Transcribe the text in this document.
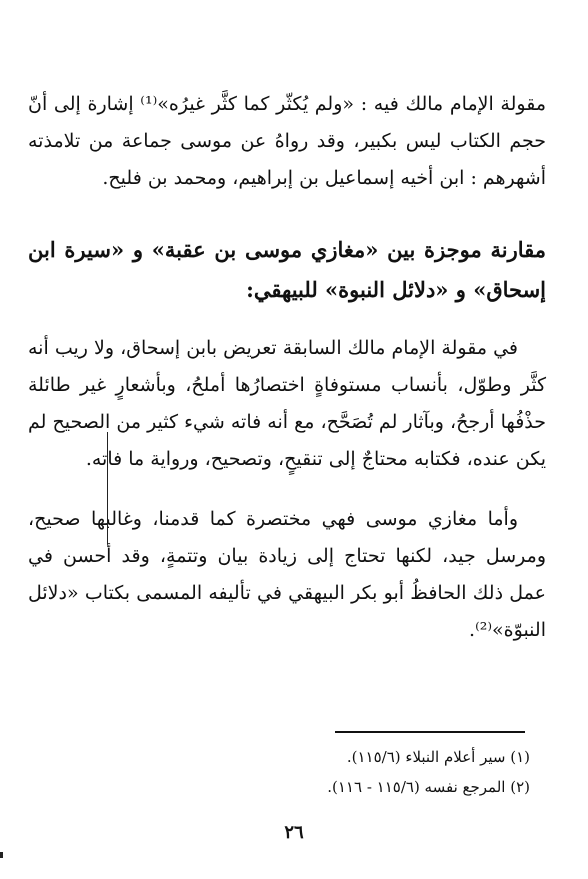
مقولة الإمام مالك فيه : «ولم يُكثّر كما كثَّر غيرُه»⁽¹⁾ إشارة إلى أنّ حجم الكتاب ليس بكبير، وقد رواهُ عن موسى جماعة من تلامذته أشهرهم : ابن أخيه إسماعيل بن إبراهيم، ومحمد بن فليح.

مقارنة موجزة بين «مغازي موسى بن عقبة» و «سيرة ابن إسحاق» و «دلائل النبوة» للبيهقي:

في مقولة الإمام مالك السابقة تعريض بابن إسحاق، ولا ريب أنه كثَّر وطوّل، بأنساب مستوفاةٍ اختصارُها أملحُ، وبأشعارٍ غير طائلة حذْفُها أرجحُ، وبآثار لم تُصَحَّح، مع أنه فاته شيء كثير من الصحيح لم يكن عنده، فكتابه محتاجٌ إلى تنقيحٍ، وتصحيح، ورواية ما فاته.

وأما مغازي موسى فهي مختصرة كما قدمنا، وغالبها صحيح، ومرسل جيد، لكنها تحتاج إلى زيادة بيان وتتمةٍ، وقد أحسن في عمل ذلك الحافظُ أبو بكر البيهقي في تأليفه المسمى بكتاب «دلائل النبوّة»⁽²⁾.

(١) سير أعلام النبلاء (١١٥/٦).
(٢) المرجع نفسه (١١٥/٦ - ١١٦).
٢٦
